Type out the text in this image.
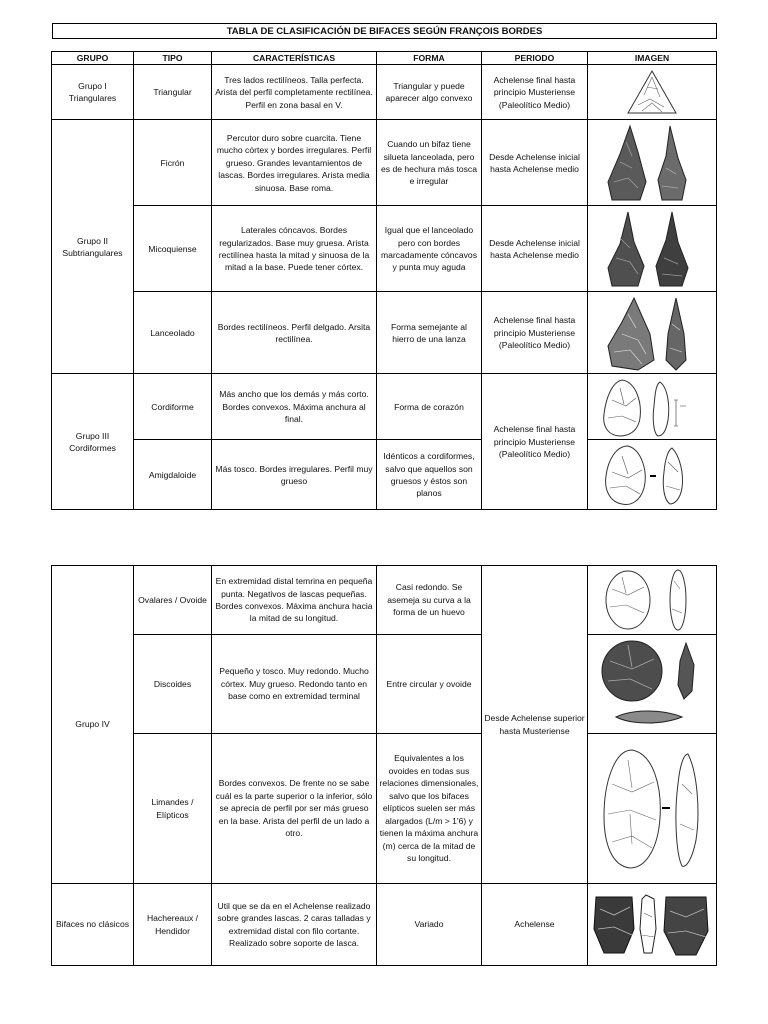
TABLA DE CLASIFICACIÓN DE BIFACES SEGÚN FRANÇOIS BORDES
GRUPO	TIPO	CARACTERÍSTICAS	FORMA	PERIODO	IMAGEN
Grupo I Triangulares	Triangular	Tres lados rectilíneos. Talla perfecta. Arista del perfil completamente rectilínea. Perfil en zona basal en V.	Triangular y puede aparecer algo convexo	Achelense final hasta principio Musteriense (Paleolítico Medio)	

Grupo II Subtriangulares	Ficrón	Percutor duro sobre cuarcita. Tiene mucho córtex y bordes irregulares. Perfil grueso. Grandes levantamientos de lascas. Bordes irregulares. Arista media sinuosa. Base roma.	Cuando un bifaz tiene silueta lanceolada, pero es de hechura más tosca e irregular	Desde Achelense inicial hasta Achelense medio	

	Micoquiense	Laterales cóncavos. Bordes regularizados. Base muy gruesa. Arista rectilínea hasta la mitad y sinuosa de la mitad a la base. Puede tener córtex.	Igual que el lanceolado pero con bordes marcadamente cóncavos y punta muy aguda	Desde Achelense inicial hasta Achelense medio	

	Lanceolado	Bordes rectilíneos. Perfil delgado. Arsita rectilínea.	Forma semejante al hierro de una lanza	Achelense final hasta principio Musteriense (Paleolítico Medio)	

Grupo III Cordiformes	Cordiforme	Más ancho que los demás y más corto. Bordes convexos. Máxima anchura al final.	Forma de corazón	Achelense final hasta principio Musteriense (Paleolítico Medio)	

	Amigdaloide	Más tosco. Bordes irregulares. Perfil muy grueso	Idénticos a cordiformes, salvo que aquellos son gruesos y éstos son planos	
Grupo IV	Ovalares / Ovoide	En extremidad distal temrina en pequeña punta. Negativos de lascas pequeñas. Bordes convexos. Máxima anchura hacia la mitad de su longitud.	Casi redondo. Se asemeja su curva a la forma de un huevo	Desde Achelense superior hasta Musteriense	

	Discoides	Pequeño y tosco. Muy redondo. Mucho córtex. Muy grueso. Redondo tanto en base como en extremidad terminal	Entre circular y ovoide	

	Limandes / Elípticos	Bordes convexos. De frente no se sabe cuál es la parte superior o la inferior, sólo se aprecia de perfil por ser más grueso en la base. Arista del perfil de un lado a otro.	Equivalentes a los ovoides en todas sus relaciones dimensionales, salvo que los bifaces elípticos suelen ser más alargados (L/m > 1'6) y tienen la máxima anchura (m) cerca de la mitad de su longitud.	

Bifaces no clásicos	Hachereaux / Hendidor	Util que se da en el Achelense realizado sobre grandes lascas. 2 caras talladas y extremidad distal con filo cortante. Realizado sobre soporte de lasca.	Variado	Achelense	
